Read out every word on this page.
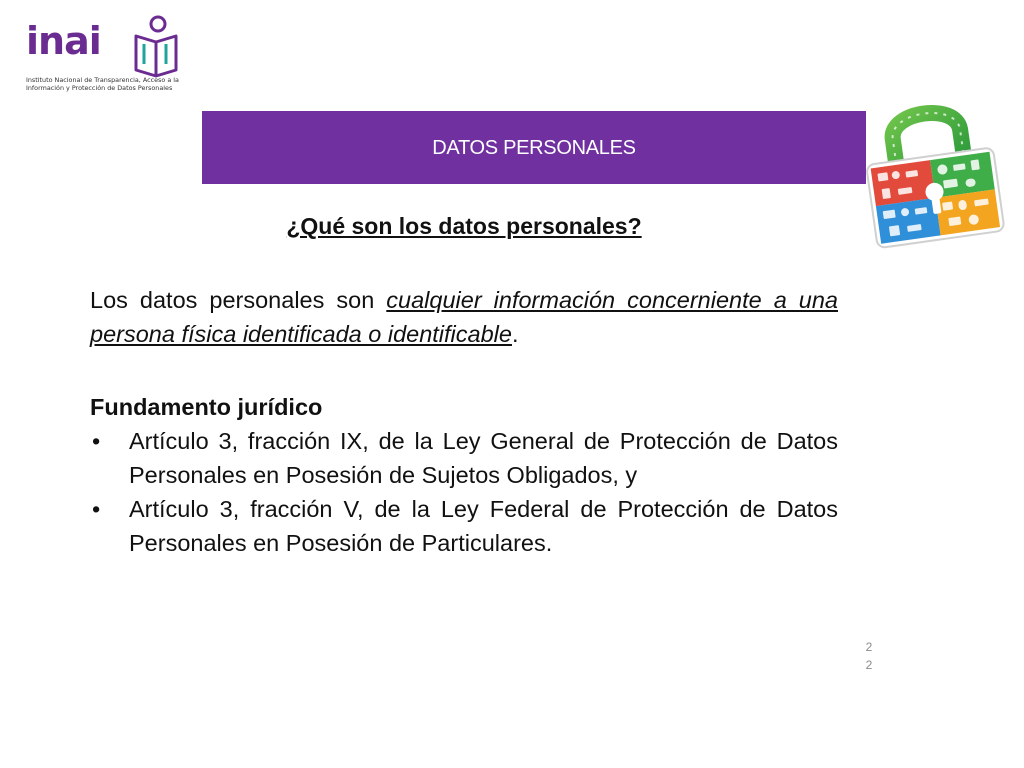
inai
Instituto Nacional de Transparencia, Acceso a la Información y Protección de Datos Personales
DATOS PERSONALES
¿Qué son los datos personales?
Los datos personales son cualquier información concerniente a una persona física identificada o identificable.
Fundamento jurídico
• Artículo 3, fracción IX, de la Ley General de Protección de Datos Personales en Posesión de Sujetos Obligados, y
• Artículo 3, fracción V, de la Ley Federal de Protección de Datos Personales en Posesión de Particulares.
22
